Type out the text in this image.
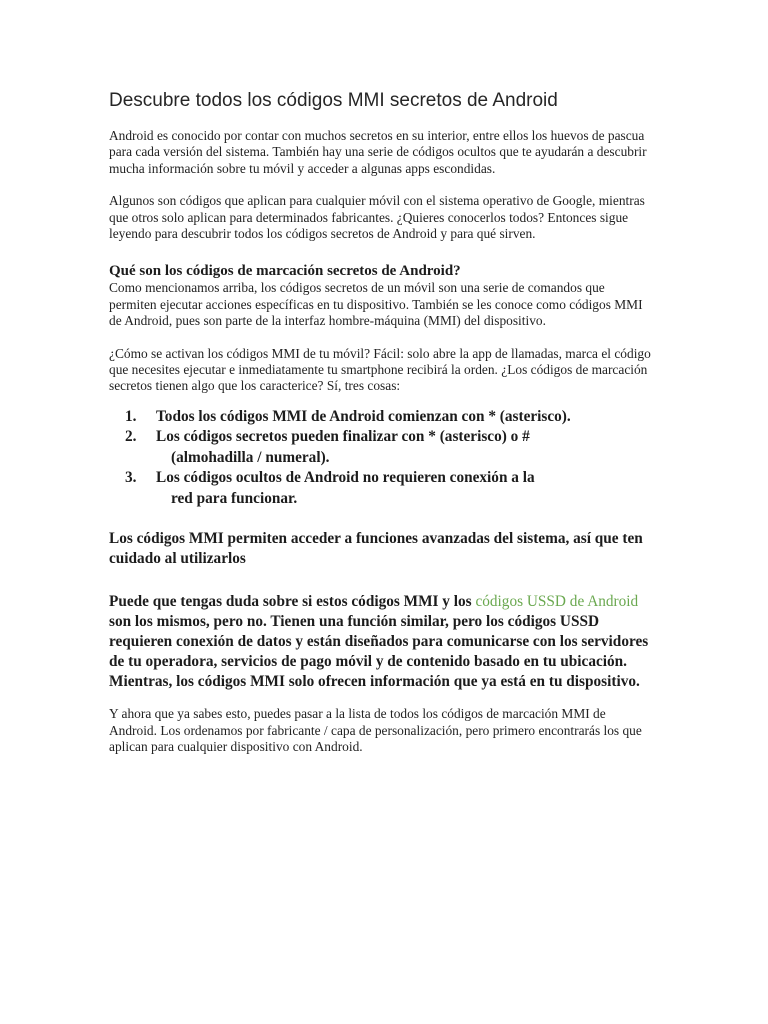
Descubre todos los códigos MMI secretos de Android

Android es conocido por contar con muchos secretos en su interior, entre ellos los huevos de pascua para cada versión del sistema. También hay una serie de códigos ocultos que te ayudarán a descubrir mucha información sobre tu móvil y acceder a algunas apps escondidas.

Algunos son códigos que aplican para cualquier móvil con el sistema operativo de Google, mientras que otros solo aplican para determinados fabricantes. ¿Quieres conocerlos todos? Entonces sigue leyendo para descubrir todos los códigos secretos de Android y para qué sirven.

Qué son los códigos de marcación secretos de Android?

Como mencionamos arriba, los códigos secretos de un móvil son una serie de comandos que permiten ejecutar acciones específicas en tu dispositivo. También se les conoce como códigos MMI de Android, pues son parte de la interfaz hombre-máquina (MMI) del dispositivo.

¿Cómo se activan los códigos MMI de tu móvil? Fácil: solo abre la app de llamadas, marca el código que necesites ejecutar e inmediatamente tu smartphone recibirá la orden. ¿Los códigos de marcación secretos tienen algo que los caracterice? Sí, tres cosas:

1. Todos los códigos MMI de Android comienzan con * (asterisco).
2. Los códigos secretos pueden finalizar con * (asterisco) o #
(almohadilla / numeral).
3. Los códigos ocultos de Android no requieren conexión a la
red para funcionar.

Los códigos MMI permiten acceder a funciones avanzadas del sistema, así que ten cuidado al utilizarlos

Puede que tengas duda sobre si estos códigos MMI y los códigos USSD de Android son los mismos, pero no. Tienen una función similar, pero los códigos USSD requieren conexión de datos y están diseñados para comunicarse con los servidores de tu operadora, servicios de pago móvil y de contenido basado en tu ubicación. Mientras, los códigos MMI solo ofrecen información que ya está en tu dispositivo.

Y ahora que ya sabes esto, puedes pasar a la lista de todos los códigos de marcación MMI de Android. Los ordenamos por fabricante / capa de personalización, pero primero encontrarás los que aplican para cualquier dispositivo con Android.
